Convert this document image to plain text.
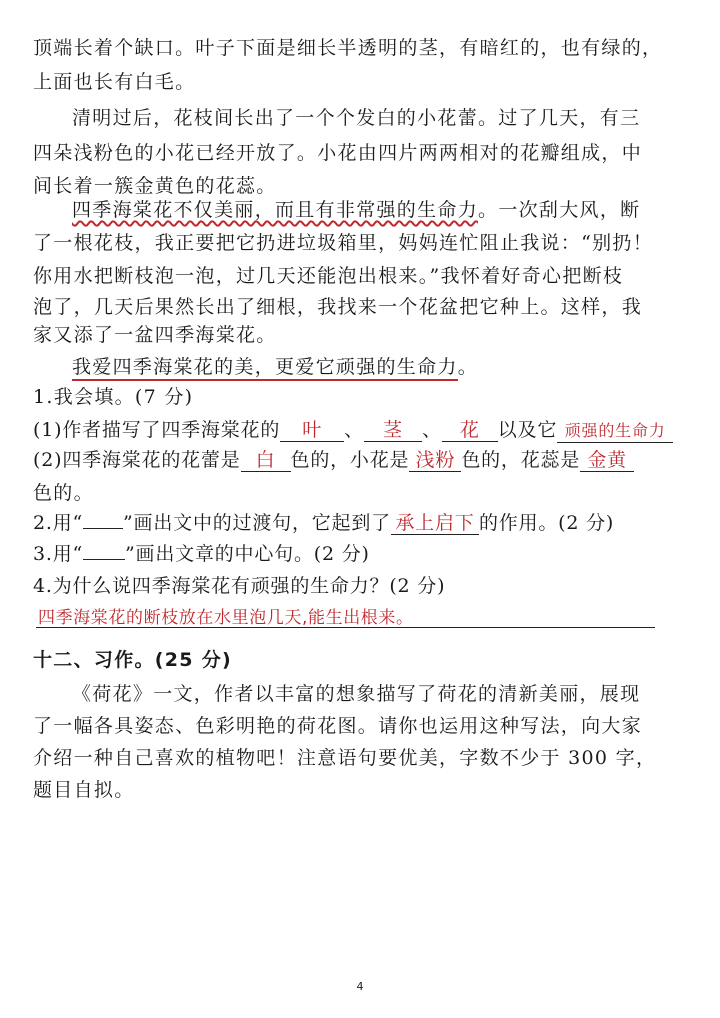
顶端长着个缺口。叶子下面是细长半透明的茎，有暗红的，也有绿的，
上面也长有白毛。
清明过后，花枝间长出了一个个发白的小花蕾。过了几天，有三
四朵浅粉色的小花已经开放了。小花由四片两两相对的花瓣组成，中
间长着一簇金黄色的花蕊。
四季海棠花不仅美丽，而且有非常强的生命力。一次刮大风，断
了一根花枝，我正要把它扔进垃圾箱里，妈妈连忙阻止我说：“别扔！
你用水把断枝泡一泡，过几天还能泡出根来。”我怀着好奇心把断枝
泡了，几天后果然长出了细根，我找来一个花盆把它种上。这样，我
家又添了一盆四季海棠花。
我爱四季海棠花的美，更爱它顽强的生命力。
1.我会填。(7 分)
(1)作者描写了四季海棠花的 叶 、 茎 、 花 以及它 顽强的生命力
(2)四季海棠花的花蕾是 白 色的，小花是 浅粉 色的，花蕊是 金黄
色的。
2.用“ ”画出文中的过渡句，它起到了 承上启下 的作用。(2 分)
3.用“ ”画出文章的中心句。(2 分)
4.为什么说四季海棠花有顽强的生命力？(2 分)
四季海棠花的断枝放在水里泡几天,能生出根来。
十二、习作。(25 分)
《荷花》一文，作者以丰富的想象描写了荷花的清新美丽，展现
了一幅各具姿态、色彩明艳的荷花图。请你也运用这种写法，向大家
介绍一种自己喜欢的植物吧！注意语句要优美，字数不少于 300 字，
题目自拟。
4
